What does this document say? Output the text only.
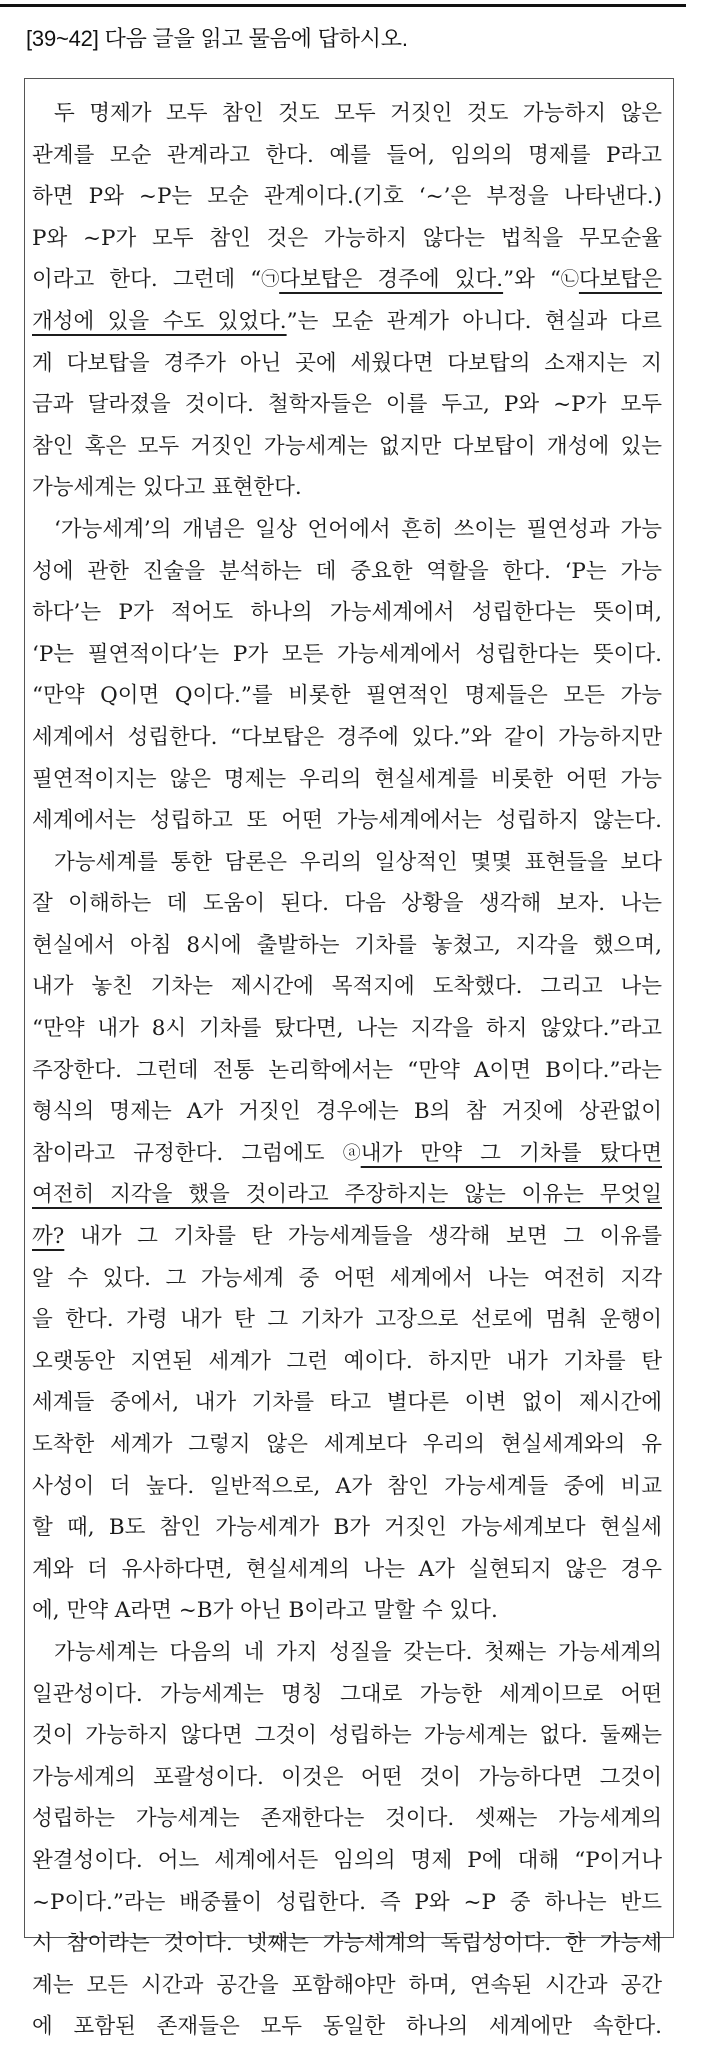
[39~42] 다음 글을 읽고 물음에 답하시오.
두 명제가 모두 참인 것도 모두 거짓인 것도 가능하지 않은
관계를 모순 관계라고 한다. 예를 들어, 임의의 명제를 P라고
하면 P와 ~P는 모순 관계이다.(기호 ‘~’은 부정을 나타낸다.)
P와 ~P가 모두 참인 것은 가능하지 않다는 법칙을 무모순율
이라고 한다. 그런데 “㉠다보탑은 경주에 있다.”와 “㉡다보탑은
개성에 있을 수도 있었다.”는 모순 관계가 아니다. 현실과 다르
게 다보탑을 경주가 아닌 곳에 세웠다면 다보탑의 소재지는 지
금과 달라졌을 것이다. 철학자들은 이를 두고, P와 ~P가 모두
참인 혹은 모두 거짓인 가능세계는 없지만 다보탑이 개성에 있는
가능세계는 있다고 표현한다.
‘가능세계’의 개념은 일상 언어에서 흔히 쓰이는 필연성과 가능
성에 관한 진술을 분석하는 데 중요한 역할을 한다. ‘P는 가능
하다’는 P가 적어도 하나의 가능세계에서 성립한다는 뜻이며,
‘P는 필연적이다’는 P가 모든 가능세계에서 성립한다는 뜻이다.
“만약 Q이면 Q이다.”를 비롯한 필연적인 명제들은 모든 가능
세계에서 성립한다. “다보탑은 경주에 있다.”와 같이 가능하지만
필연적이지는 않은 명제는 우리의 현실세계를 비롯한 어떤 가능
세계에서는 성립하고 또 어떤 가능세계에서는 성립하지 않는다.
가능세계를 통한 담론은 우리의 일상적인 몇몇 표현들을 보다
잘 이해하는 데 도움이 된다. 다음 상황을 생각해 보자. 나는
현실에서 아침 8시에 출발하는 기차를 놓쳤고, 지각을 했으며,
내가 놓친 기차는 제시간에 목적지에 도착했다. 그리고 나는
“만약 내가 8시 기차를 탔다면, 나는 지각을 하지 않았다.”라고
주장한다. 그런데 전통 논리학에서는 “만약 A이면 B이다.”라는
형식의 명제는 A가 거짓인 경우에는 B의 참 거짓에 상관없이
참이라고 규정한다. 그럼에도 ⓐ내가 만약 그 기차를 탔다면
여전히 지각을 했을 것이라고 주장하지는 않는 이유는 무엇일
까? 내가 그 기차를 탄 가능세계들을 생각해 보면 그 이유를
알 수 있다. 그 가능세계 중 어떤 세계에서 나는 여전히 지각
을 한다. 가령 내가 탄 그 기차가 고장으로 선로에 멈춰 운행이
오랫동안 지연된 세계가 그런 예이다. 하지만 내가 기차를 탄
세계들 중에서, 내가 기차를 타고 별다른 이변 없이 제시간에
도착한 세계가 그렇지 않은 세계보다 우리의 현실세계와의 유
사성이 더 높다. 일반적으로, A가 참인 가능세계들 중에 비교
할 때, B도 참인 가능세계가 B가 거짓인 가능세계보다 현실세
계와 더 유사하다면, 현실세계의 나는 A가 실현되지 않은 경우
에, 만약 A라면 ~B가 아닌 B이라고 말할 수 있다.
가능세계는 다음의 네 가지 성질을 갖는다. 첫째는 가능세계의
일관성이다. 가능세계는 명칭 그대로 가능한 세계이므로 어떤
것이 가능하지 않다면 그것이 성립하는 가능세계는 없다. 둘째는
가능세계의 포괄성이다. 이것은 어떤 것이 가능하다면 그것이
성립하는 가능세계는 존재한다는 것이다. 셋째는 가능세계의
완결성이다. 어느 세계에서든 임의의 명제 P에 대해 “P이거나
~P이다.”라는 배중률이 성립한다. 즉 P와 ~P 중 하나는 반드
시 참이라는 것이다. 넷째는 가능세계의 독립성이다. 한 가능세
계는 모든 시간과 공간을 포함해야만 하며, 연속된 시간과 공간
에 포함된 존재들은 모두 동일한 하나의 세계에만 속한다.
